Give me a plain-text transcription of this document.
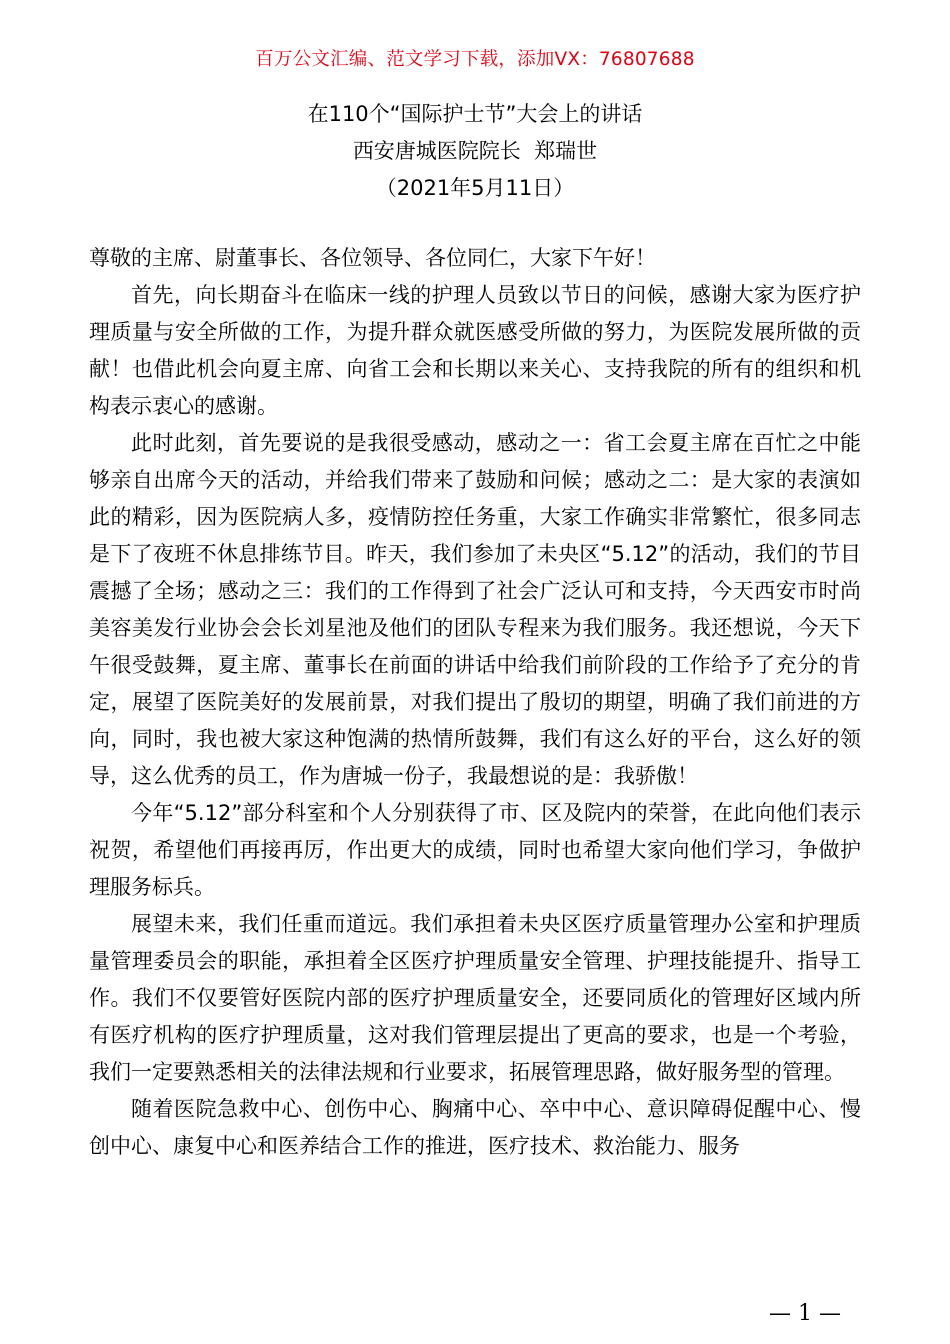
百万公文汇编、范文学习下载，添加VX：76807688
在110个“国际护士节”大会上的讲话
西安唐城医院院长  郑瑞世
（2021年5月11日）

尊敬的主席、尉董事长、各位领导、各位同仁，大家下午好！

首先，向长期奋斗在临床一线的护理人员致以节日的问候，感谢大家为医疗护理质量与安全所做的工作，为提升群众就医感受所做的努力，为医院发展所做的贡献！也借此机会向夏主席、向省工会和长期以来关心、支持我院的所有的组织和机构表示衷心的感谢。

此时此刻，首先要说的是我很受感动，感动之一：省工会夏主席在百忙之中能够亲自出席今天的活动，并给我们带来了鼓励和问候；感动之二：是大家的表演如此的精彩，因为医院病人多，疫情防控任务重，大家工作确实非常繁忙，很多同志是下了夜班不休息排练节目。昨天，我们参加了未央区“5.12”的活动，我们的节目震撼了全场；感动之三：我们的工作得到了社会广泛认可和支持，今天西安市时尚美容美发行业协会会长刘星池及他们的团队专程来为我们服务。我还想说，今天下午很受鼓舞，夏主席、董事长在前面的讲话中给我们前阶段的工作给予了充分的肯定，展望了医院美好的发展前景，对我们提出了殷切的期望，明确了我们前进的方向，同时，我也被大家这种饱满的热情所鼓舞，我们有这么好的平台，这么好的领导，这么优秀的员工，作为唐城一份子，我最想说的是：我骄傲！

今年“5.12”部分科室和个人分别获得了市、区及院内的荣誉，在此向他们表示祝贺，希望他们再接再厉，作出更大的成绩，同时也希望大家向他们学习，争做护理服务标兵。

展望未来，我们任重而道远。我们承担着未央区医疗质量管理办公室和护理质量管理委员会的职能，承担着全区医疗护理质量安全管理、护理技能提升、指导工作。我们不仅要管好医院内部的医疗护理质量安全，还要同质化的管理好区域内所有医疗机构的医疗护理质量，这对我们管理层提出了更高的要求，也是一个考验，我们一定要熟悉相关的法律法规和行业要求，拓展管理思路，做好服务型的管理。

随着医院急救中心、创伤中心、胸痛中心、卒中中心、意识障碍促醒中心、慢创中心、康复中心和医养结合工作的推进，医疗技术、救治能力、服务

— 1 —
